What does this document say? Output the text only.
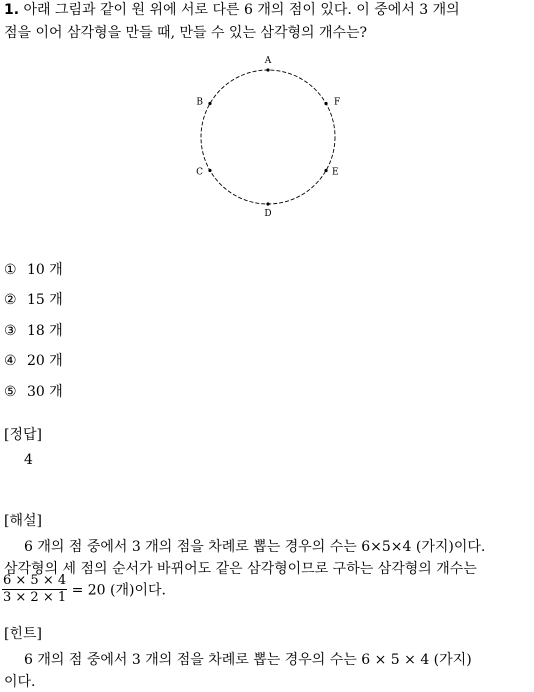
1. 아래 그림과 같이 원 위에 서로 다른 6 개의 점이 있다. 이 중에서 3 개의
점을 이어 삼각형을 만들 때, 만들 수 있는 삼각형의 개수는?
A
F
E
D
C
B
① 10 개
② 15 개
③ 18 개
④ 20 개
⑤ 30 개
[정답]
4
[해설]
6 개의 점 중에서 3 개의 점을 차례로 뽑는 경우의 수는 6×5×4 (가지)이다.
삼각형의 세 점의 순서가 바뀌어도 같은 삼각형이므로 구하는 삼각형의 개수는
$\frac{6 \times 5 \times 4}{3 \times 2 \times 1} = 20$ (개)이다.
[힌트]
6 개의 점 중에서 3 개의 점을 차례로 뽑는 경우의 수는 6 × 5 × 4 (가지)
이다.
